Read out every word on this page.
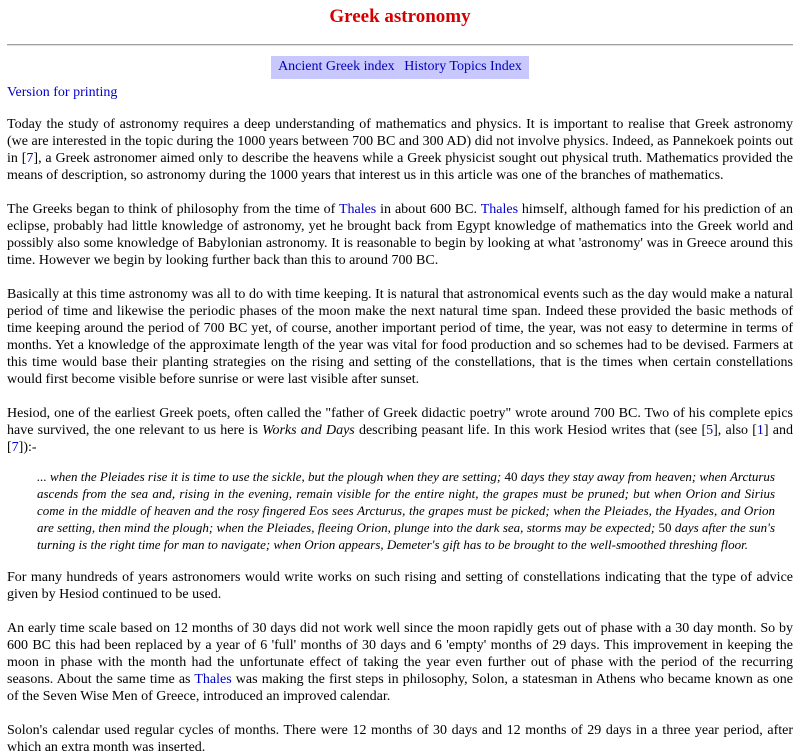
Greek astronomy
Ancient Greek index History Topics Index
Version for printing

Today the study of astronomy requires a deep understanding of mathematics and physics. It is important to realise that Greek astronomy (we are interested in the topic during the 1000 years between 700 BC and 300 AD) did not involve physics. Indeed, as Pannekoek points out in [7], a Greek astronomer aimed only to describe the heavens while a Greek physicist sought out physical truth. Mathematics provided the means of description, so astronomy during the 1000 years that interest us in this article was one of the branches of mathematics.

The Greeks began to think of philosophy from the time of Thales in about 600 BC. Thales himself, although famed for his prediction of an eclipse, probably had little knowledge of astronomy, yet he brought back from Egypt knowledge of mathematics into the Greek world and possibly also some knowledge of Babylonian astronomy. It is reasonable to begin by looking at what 'astronomy' was in Greece around this time. However we begin by looking further back than this to around 700 BC.

Basically at this time astronomy was all to do with time keeping. It is natural that astronomical events such as the day would make a natural period of time and likewise the periodic phases of the moon make the next natural time span. Indeed these provided the basic methods of time keeping around the period of 700 BC yet, of course, another important period of time, the year, was not easy to determine in terms of months. Yet a knowledge of the approximate length of the year was vital for food production and so schemes had to be devised. Farmers at this time would base their planting strategies on the rising and setting of the constellations, that is the times when certain constellations would first become visible before sunrise or were last visible after sunset.

Hesiod, one of the earliest Greek poets, often called the "father of Greek didactic poetry" wrote around 700 BC. Two of his complete epics have survived, the one relevant to us here is Works and Days describing peasant life. In this work Hesiod writes that (see [5], also [1] and [7]):-

... when the Pleiades rise it is time to use the sickle, but the plough when they are setting; 40 days they stay away from heaven; when Arcturus ascends from the sea and, rising in the evening, remain visible for the entire night, the grapes must be pruned; but when Orion and Sirius come in the middle of heaven and the rosy fingered Eos sees Arcturus, the grapes must be picked; when the Pleiades, the Hyades, and Orion are setting, then mind the plough; when the Pleiades, fleeing Orion, plunge into the dark sea, storms may be expected; 50 days after the sun's turning is the right time for man to navigate; when Orion appears, Demeter's gift has to be brought to the well-smoothed threshing floor.

For many hundreds of years astronomers would write works on such rising and setting of constellations indicating that the type of advice given by Hesiod continued to be used.

An early time scale based on 12 months of 30 days did not work well since the moon rapidly gets out of phase with a 30 day month. So by 600 BC this had been replaced by a year of 6 'full' months of 30 days and 6 'empty' months of 29 days. This improvement in keeping the moon in phase with the month had the unfortunate effect of taking the year even further out of phase with the period of the recurring seasons. About the same time as Thales was making the first steps in philosophy, Solon, a statesman in Athens who became known as one of the Seven Wise Men of Greece, introduced an improved calendar.

Solon's calendar used regular cycles of months. There were 12 months of 30 days and 12 months of 29 days in a three year period, after which an extra month was inserted.
